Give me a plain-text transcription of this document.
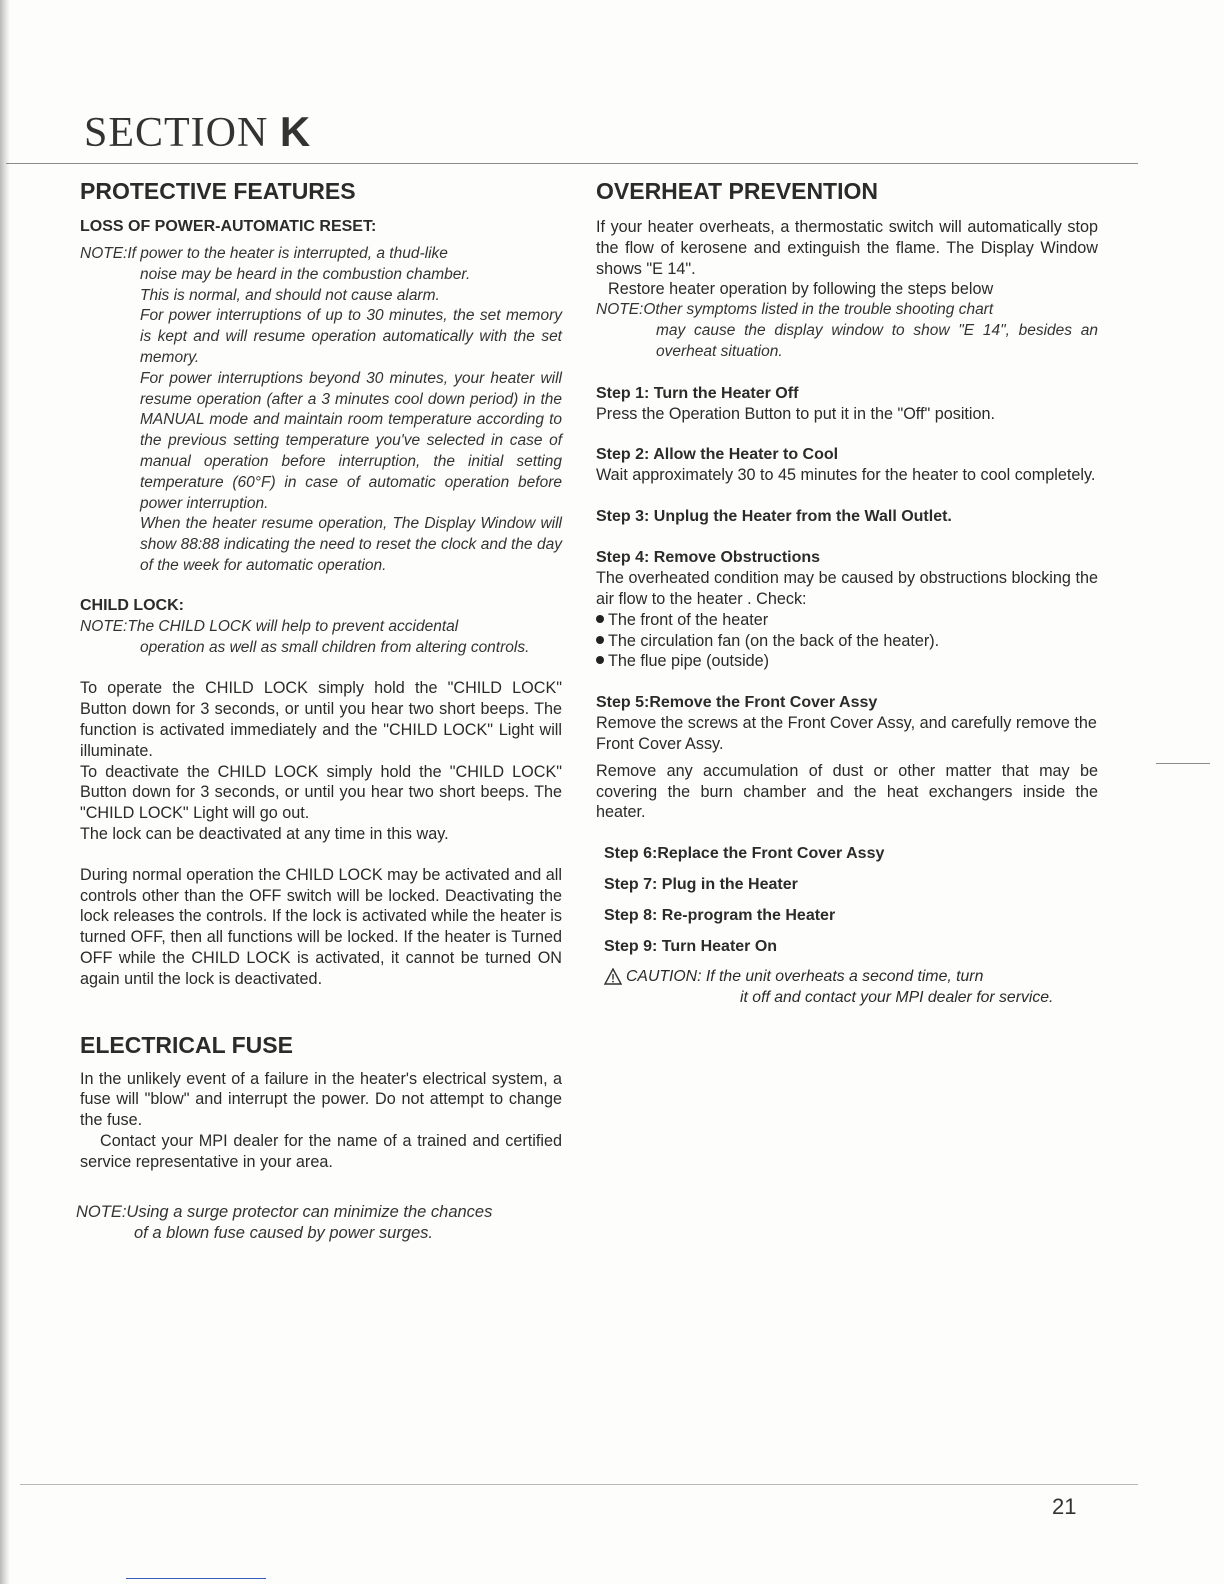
SECTION K
PROTECTIVE FEATURES
LOSS OF POWER-AUTOMATIC RESET:
NOTE:If power to the heater is interrupted, a thud-like
noise may be heard in the combustion chamber.
This is normal, and should not cause alarm.
For power interruptions of up to 30 minutes, the set memory is kept and will resume operation automatically with the set memory.
For power interruptions beyond 30 minutes, your heater will resume operation (after a 3 minutes cool down period) in the MANUAL mode and maintain room temperature according to the previous setting temperature you've selected in case of manual operation before interruption, the initial setting temperature (60°F) in case of automatic operation before power interruption.
When the heater resume operation, The Display Window will show 88:88 indicating the need to reset the clock and the day of the week for automatic operation.
CHILD LOCK:
NOTE:The CHILD LOCK will help to prevent accidental
operation as well as small children from altering controls.

To operate the CHILD LOCK simply hold the "CHILD LOCK" Button down for 3 seconds, or until you hear two short beeps. The function is activated immediately and the "CHILD LOCK" Light will illuminate.

To deactivate the CHILD LOCK simply hold the "CHILD LOCK" Button down for 3 seconds, or until you hear two short beeps. The "CHILD LOCK" Light will go out.

The lock can be deactivated at any time in this way.

During normal operation the CHILD LOCK may be activated and all controls other than the OFF switch will be locked. Deactivating the lock releases the controls. If the lock is activated while the heater is turned OFF, then all functions will be locked. If the heater is Turned OFF while the CHILD LOCK is activated, it cannot be turned ON again until the lock is deactivated.

ELECTRICAL FUSE

In the unlikely event of a failure in the heater's electrical system, a fuse will "blow" and interrupt the power. Do not attempt to change the fuse.

Contact your MPI dealer for the name of a trained and certified service representative in your area.

NOTE:Using a surge protector can minimize the chances
of a blown fuse caused by power surges.
OVERHEAT PREVENTION

If your heater overheats, a thermostatic switch will automatically stop the flow of kerosene and extinguish the flame. The Display Window shows "E 14".

Restore heater operation by following the steps below

NOTE:Other symptoms listed in the trouble shooting chart
may cause the display window to show "E 14", besides an overheat situation.
Step 1: Turn the Heater Off

Press the Operation Button to put it in the "Off" position.

Step 2: Allow the Heater to Cool

Wait approximately 30 to 45 minutes for the heater to cool completely.

Step 3: Unplug the Heater from the Wall Outlet.
Step 4: Remove Obstructions

The overheated condition may be caused by obstructions blocking the air flow to the heater . Check:

The front of the heater

The circulation fan (on the back of the heater).

The flue pipe (outside)

Step 5:Remove the Front Cover Assy

Remove the screws at the Front Cover Assy, and carefully remove the Front Cover Assy.

Remove any accumulation of dust or other matter that may be covering the burn chamber and the heat exchangers inside the heater.

Step 6:Replace the Front Cover Assy
Step 7: Plug in the Heater
Step 8: Re-program the Heater
Step 9: Turn Heater On
CAUTION: If the unit overheats a second time, turn
it off and contact your MPI dealer for service.
21
